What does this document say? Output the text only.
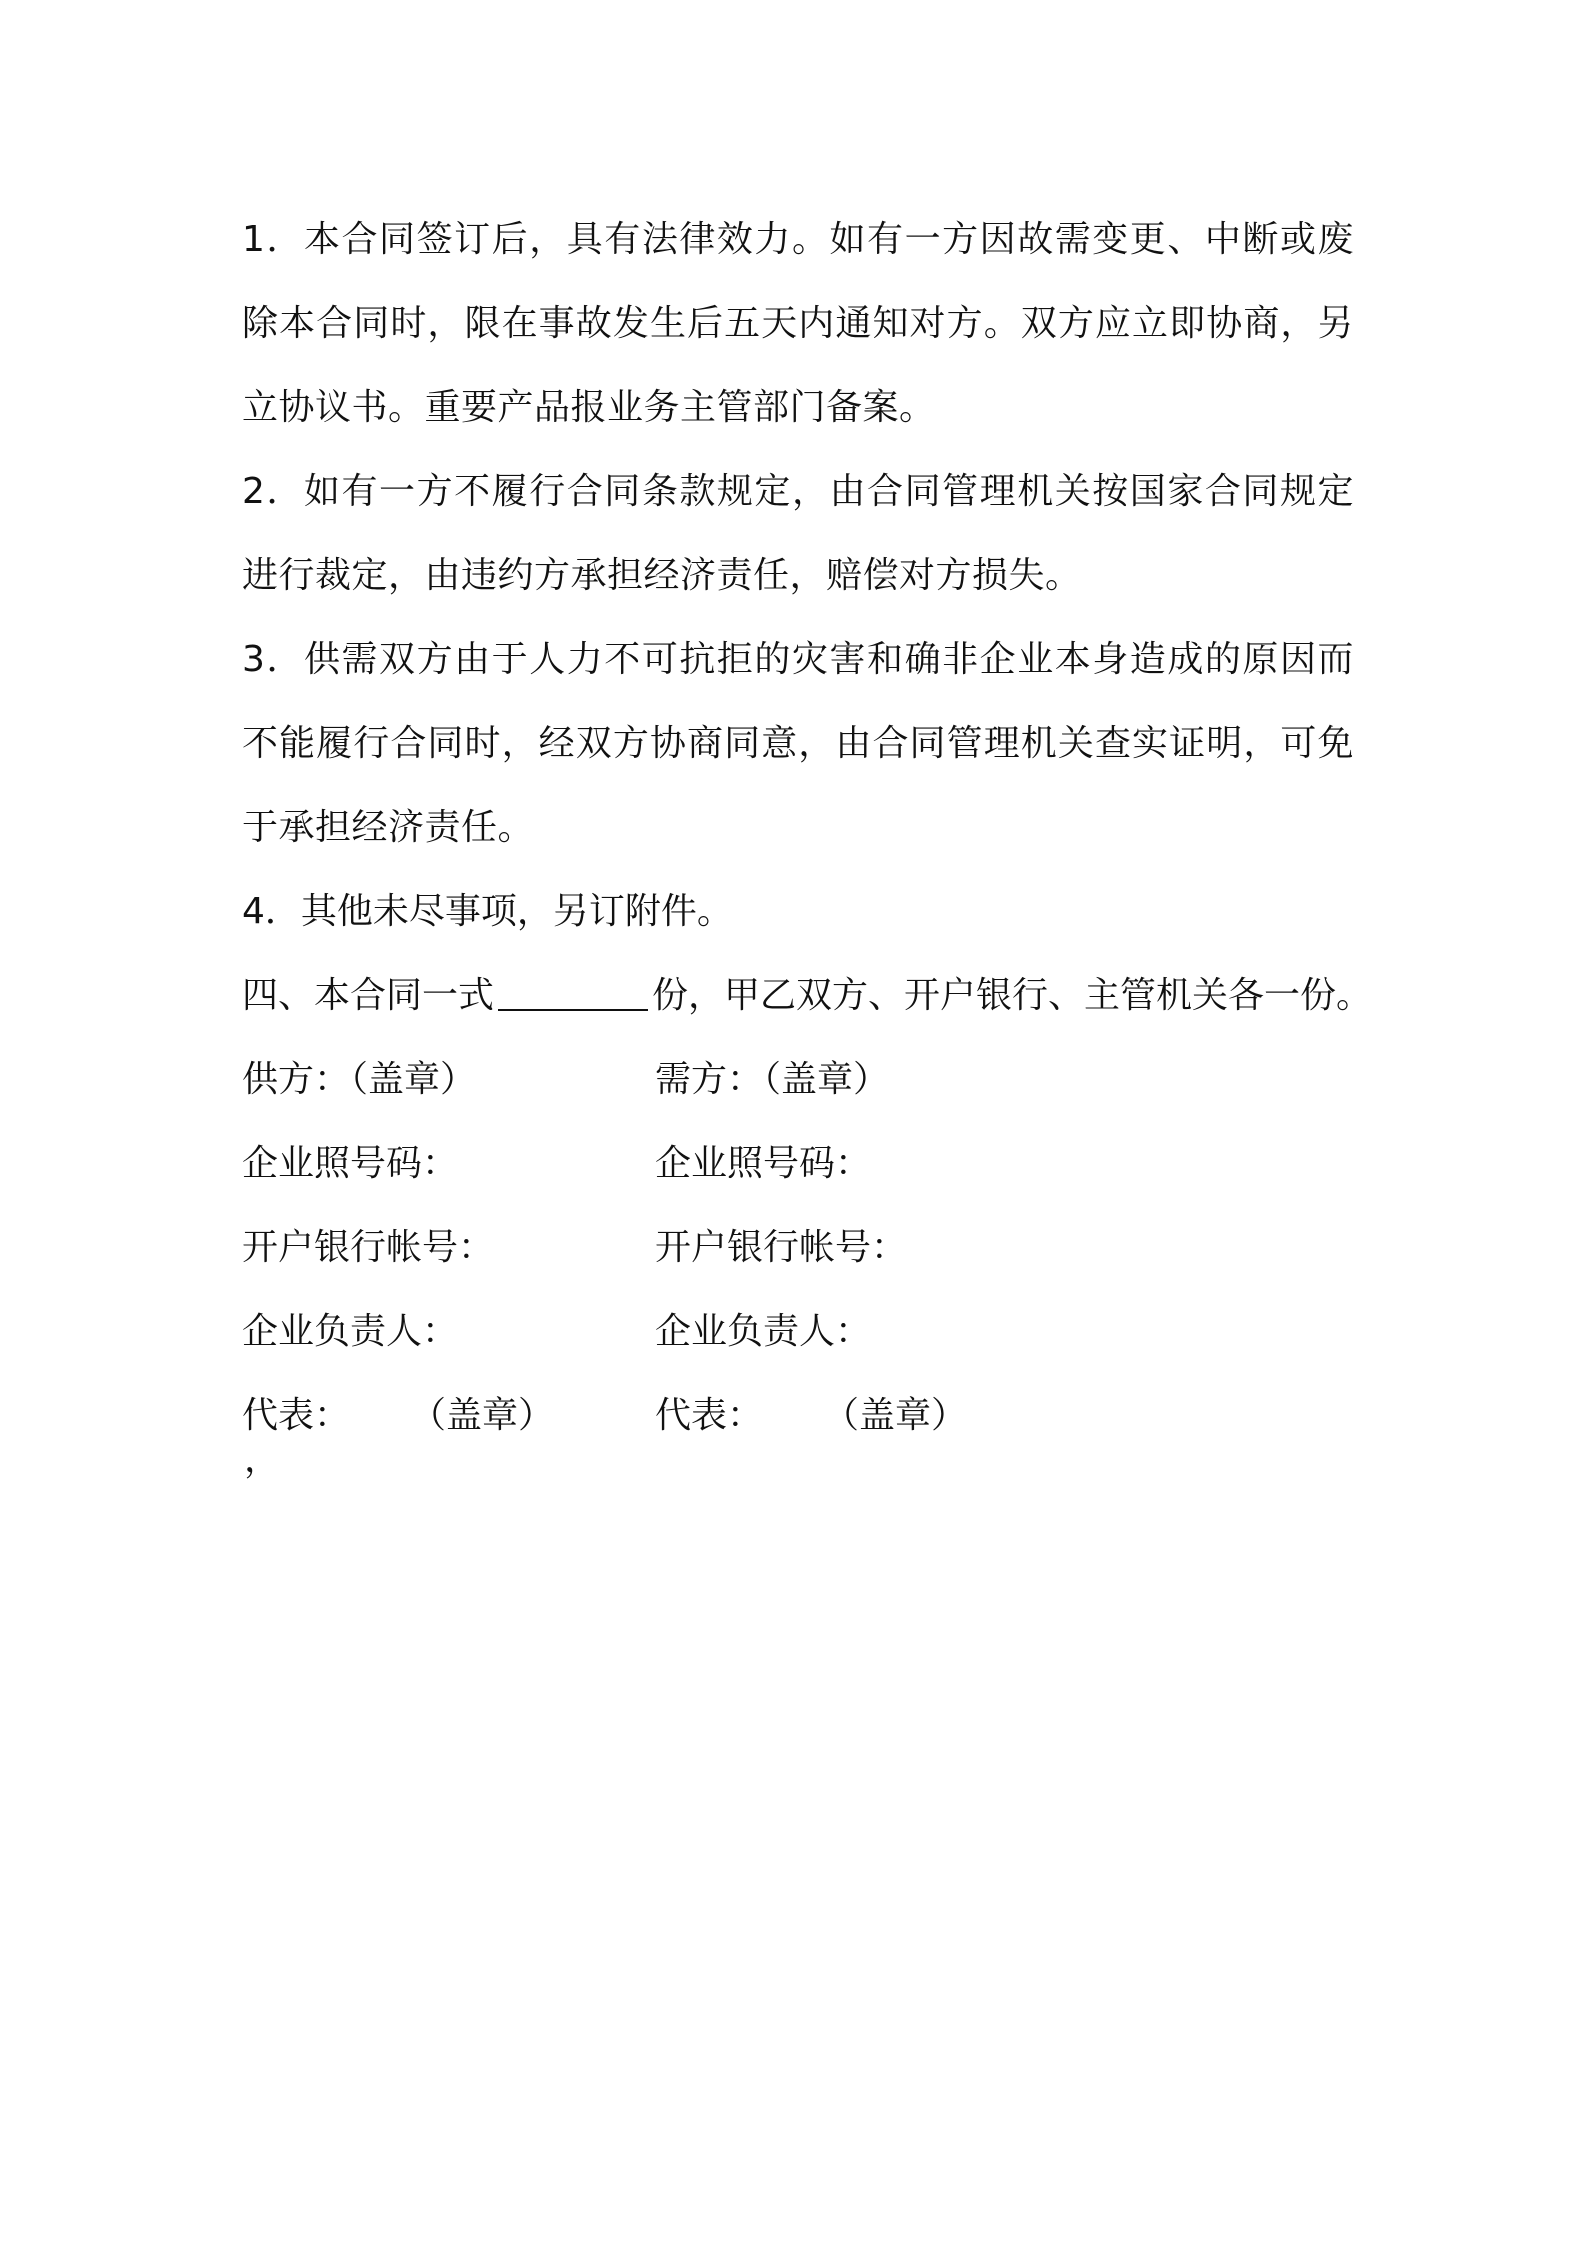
1．本合同签订后，具有法律效力。如有一方因故需变更、中断或废除本合同时，限在事故发生后五天内通知对方。双方应立即协商，另立协议书。重要产品报业务主管部门备案。

2．如有一方不履行合同条款规定，由合同管理机关按国家合同规定进行裁定，由违约方承担经济责任，赔偿对方损失。

3．供需双方由于人力不可抗拒的灾害和确非企业本身造成的原因而不能履行合同时，经双方协商同意，由合同管理机关查实证明，可免于承担经济责任。

4．其他未尽事项，另订附件。

四、本合同一式	份，甲乙双方、开户银行、主管机关各一份。

供方：（盖章）	需方：（盖章）
企业照号码：	企业照号码：
开户银行帐号：	开户银行帐号：
企业负责人：	企业负责人：
代表：	（盖章）	代表：	（盖章）
，
